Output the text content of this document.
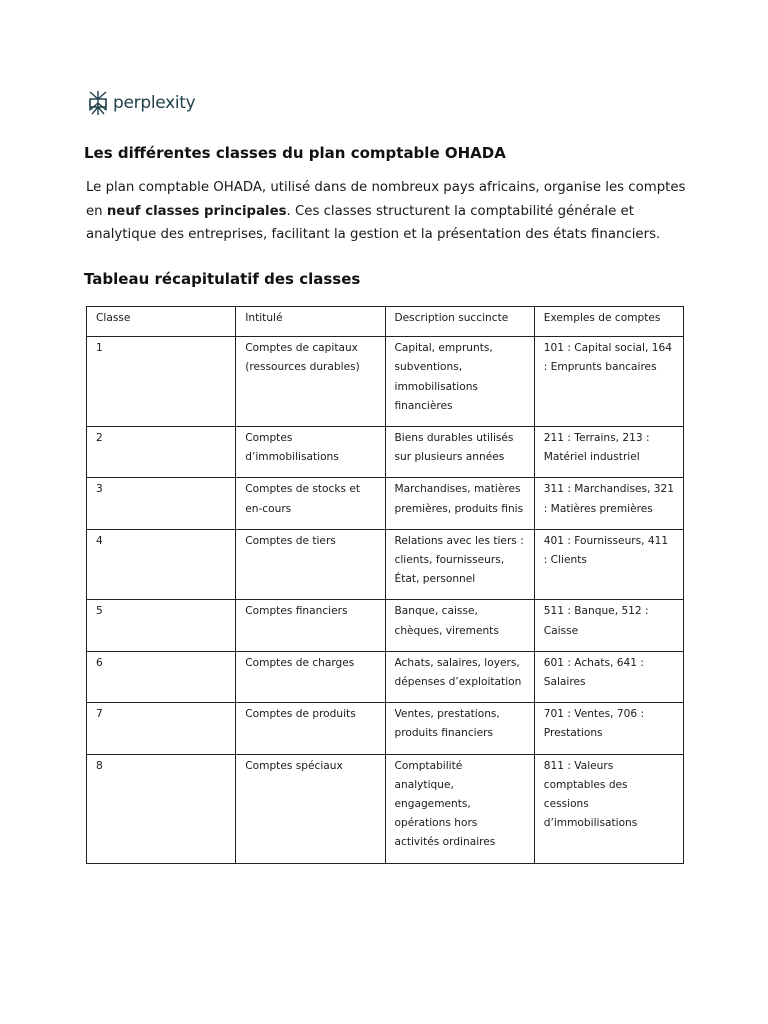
perplexity
Les différentes classes du plan comptable OHADA

Le plan comptable OHADA, utilisé dans de nombreux pays africains, organise les comptes en neuf classes principales. Ces classes structurent la comptabilité générale et analytique des entreprises, facilitant la gestion et la présentation des états financiers.

Tableau récapitulatif des classes
Classe	Intitulé	Description succincte	Exemples de comptes
1	Comptes de capitaux (ressources durables)	Capital, emprunts, subventions, immobilisations financières	101 : Capital social, 164 : Emprunts bancaires
2	Comptes d’immobilisations	Biens durables utilisés sur plusieurs années	211 : Terrains, 213 : Matériel industriel
3	Comptes de stocks et en-cours	Marchandises, matières premières, produits finis	311 : Marchandises, 321 : Matières premières
4	Comptes de tiers	Relations avec les tiers : clients, fournisseurs, État, personnel	401 : Fournisseurs, 411 : Clients
5	Comptes financiers	Banque, caisse, chèques, virements	511 : Banque, 512 : Caisse
6	Comptes de charges	Achats, salaires, loyers, dépenses d’exploitation	601 : Achats, 641 : Salaires
7	Comptes de produits	Ventes, prestations, produits financiers	701 : Ventes, 706 : Prestations
8	Comptes spéciaux	Comptabilité analytique, engagements, opérations hors activités ordinaires	811 : Valeurs comptables des cessions d’immobilisations
